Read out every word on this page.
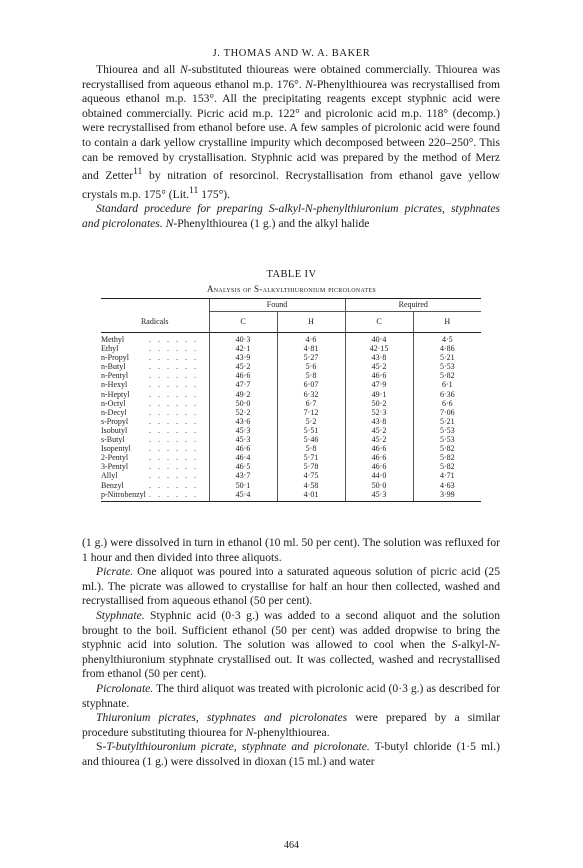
J. THOMAS AND W. A. BAKER

Thiourea and all N-substituted thioureas were obtained commercially. Thiourea was recrystallised from aqueous ethanol m.p. 176°. N-Phenylthiourea was recrystallised from aqueous ethanol m.p. 153°. All the precipitating reagents except styphnic acid were obtained commercially. Picric acid m.p. 122° and picrolonic acid m.p. 118° (decomp.) were recrystallised from ethanol before use. A few samples of picrolonic acid were found to contain a dark yellow crystalline impurity which decomposed between 220–250°. This can be removed by crystallisation. Styphnic acid was prepared by the method of Merz and Zetter$^{11}$ by nitration of resorcinol. Recrystallisation from ethanol gave yellow crystals m.p. 175° (Lit.$^{11}$ 175°).

Standard procedure for preparing S-alkyl-N-phenylthiuronium picrates, styphnates and picrolonates. N-Phenylthiourea (1 g.) and the alkyl halide

TABLE IV
Analysis of S-alkylthiuronium picrolonates
	Found		Required	
Radicals	C	H	C	H
Methyl . . . . . .	40·3	4·6	40·4	4·5
Ethyl . . . . . .	42·1	4·81	42·15	4·86
n-Propyl . . . . . .	43·9	5·27	43·8	5·21
n-Butyl . . . . . .	45·2	5·6	45·2	5·53
n-Pentyl . . . . . .	46·6	5·8	46·6	5·82
n-Hexyl . . . . . .	47·7	6·07	47·9	6·1
n-Heptyl . . . . . .	49·2	6·32	49·1	6·36
n-Octyl . . . . . .	50·0	6·7	50·2	6·6
n-Decyl . . . . . .	52·2	7·12	52·3	7·06
s-Propyl . . . . . .	43·6	5·2	43·8	5·21
Isobutyl . . . . . .	45·3	5·51	45·2	5·53
s-Butyl . . . . . .	45·3	5·46	45·2	5·53
Isopentyl . . . . . .	46·6	5·8	46·6	5·82
2-Pentyl . . . . . .	46·4	5·71	46·6	5·82
3-Pentyl . . . . . .	46·5	5·78	46·6	5·82
Allyl . . . . . .	43·7	4·75	44·0	4·71
Benzyl . . . . . .	50·1	4·58	50·0	4·63
p-Nitrobenzyl . . . . . .	45·4	4·01	45·3	3·99

(1 g.) were dissolved in turn in ethanol (10 ml. 50 per cent). The solution was refluxed for 1 hour and then divided into three aliquots.

Picrate. One aliquot was poured into a saturated aqueous solution of picric acid (25 ml.). The picrate was allowed to crystallise for half an hour then collected, washed and recrystallised from aqueous ethanol (50 per cent).

Styphnate. Styphnic acid (0·3 g.) was added to a second aliquot and the solution brought to the boil. Sufficient ethanol (50 per cent) was added dropwise to bring the styphnic acid into solution. The solution was allowed to cool when the S-alkyl-N-phenylthiuronium styphnate crystallised out. It was collected, washed and recrystallised from ethanol (50 per cent).

Picrolonate. The third aliquot was treated with picrolonic acid (0·3 g.) as described for styphnate.

Thiuronium picrates, styphnates and picrolonates were prepared by a similar procedure substituting thiourea for N-phenylthiourea.

S-T-butylthiouronium picrate, styphnate and picrolonate. T-butyl chloride (1·5 ml.) and thiourea (1 g.) were dissolved in dioxan (15 ml.) and water

464
